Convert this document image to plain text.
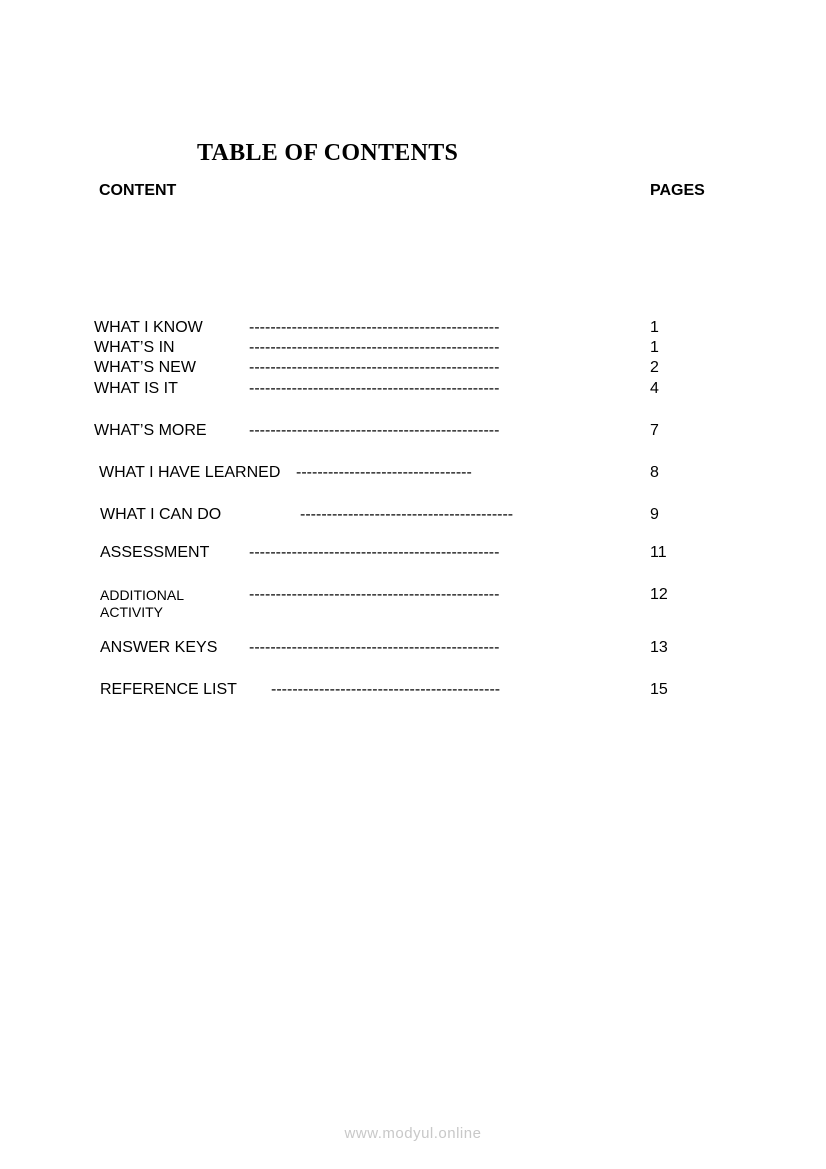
TABLE OF CONTENTS
CONTENT	PAGES
WHAT I KNOW	-----------------------------------------------	1
WHAT’S IN	-----------------------------------------------	1
WHAT’S NEW	-----------------------------------------------	2
WHAT IS IT	-----------------------------------------------	4
WHAT’S MORE	-----------------------------------------------	7
WHAT I HAVE LEARNED ---------------------------------	8
WHAT I CAN DO	----------------------------------------	9
ASSESSMENT -----------------------------------------------	11
ADDITIONAL
ACTIVITY
-----------------------------------------------	12
ANSWER KEYS -----------------------------------------------	13
REFERENCE LIST -------------------------------------------	15
www.modyul.online
